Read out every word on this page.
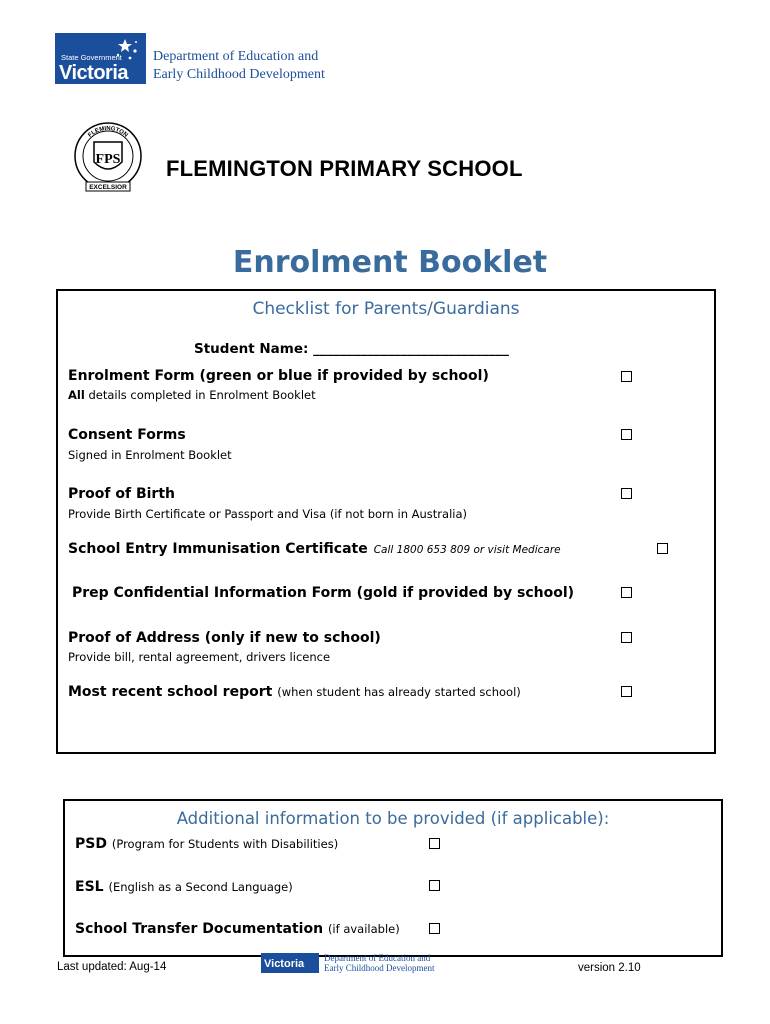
State Government
Victoria
Department of Education and
Early Childhood Development
FLEMINGTON
FPS
EXCELSIOR
FLEMINGTON PRIMARY SCHOOL
Enrolment Booklet
Checklist for Parents/Guardians
Student Name: _____________________________
Enrolment Form (green or blue if provided by school)
All details completed in Enrolment Booklet
Consent Forms
Signed in Enrolment Booklet
Proof of Birth
Provide Birth Certificate or Passport and Visa (if not born in Australia)
School Entry Immunisation Certificate Call 1800 653 809 or visit Medicare
Prep Confidential Information Form (gold if provided by school)
Proof of Address (only if new to school)
Provide bill, rental agreement, drivers licence
Most recent school report (when student has already started school)
Additional information to be provided (if applicable):
PSD (Program for Students with Disabilities)
ESL (English as a Second Language)
School Transfer Documentation (if available)
Last updated: Aug-14	Victoria Department of Education and
Early Childhood Development	version 2.10
